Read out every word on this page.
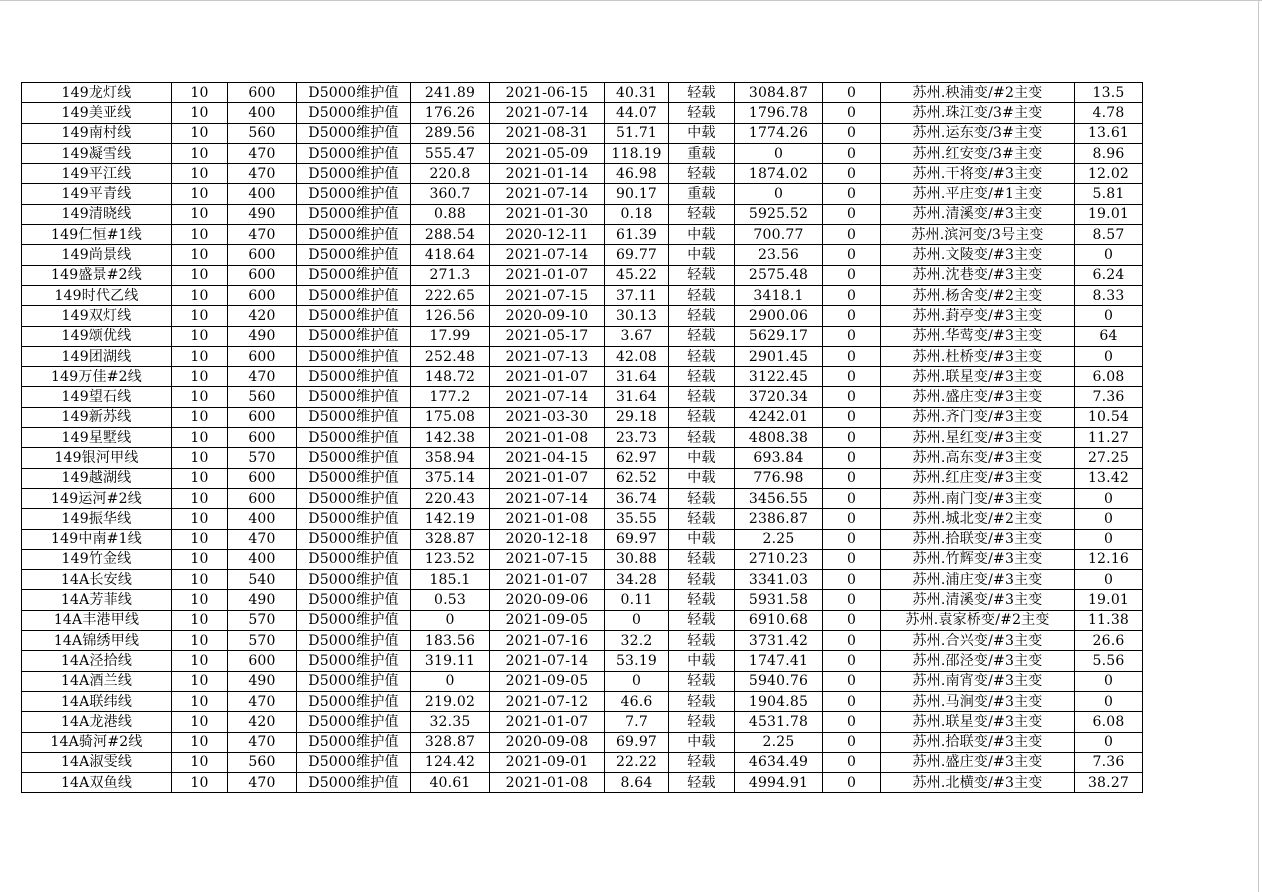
149龙灯线	10	600	D5000维护值	241.89	2021-06-15	40.31	轻载	3084.87	0	苏州.秧浦变/#2主变	13.5
149美亚线	10	400	D5000维护值	176.26	2021-07-14	44.07	轻载	1796.78	0	苏州.珠江变/3#主变	4.78
149南村线	10	560	D5000维护值	289.56	2021-08-31	51.71	中载	1774.26	0	苏州.运东变/3#主变	13.61
149凝雪线	10	470	D5000维护值	555.47	2021-05-09	118.19	重载	0	0	苏州.红安变/3#主变	8.96
149平江线	10	470	D5000维护值	220.8	2021-01-14	46.98	轻载	1874.02	0	苏州.干将变/#3主变	12.02
149平青线	10	400	D5000维护值	360.7	2021-07-14	90.17	重载	0	0	苏州.平庄变/#1主变	5.81
149清晓线	10	490	D5000维护值	0.88	2021-01-30	0.18	轻载	5925.52	0	苏州.清溪变/#3主变	19.01
149仁恒#1线	10	470	D5000维护值	288.54	2020-12-11	61.39	中载	700.77	0	苏州.滨河变/3号主变	8.57
149尚景线	10	600	D5000维护值	418.64	2021-07-14	69.77	中载	23.56	0	苏州.文陵变/#3主变	0
149盛景#2线	10	600	D5000维护值	271.3	2021-01-07	45.22	轻载	2575.48	0	苏州.沈巷变/#3主变	6.24
149时代乙线	10	600	D5000维护值	222.65	2021-07-15	37.11	轻载	3418.1	0	苏州.杨舍变/#2主变	8.33
149双灯线	10	420	D5000维护值	126.56	2020-09-10	30.13	轻载	2900.06	0	苏州.葑亭变/#3主变	0
149颂优线	10	490	D5000维护值	17.99	2021-05-17	3.67	轻载	5629.17	0	苏州.华莺变/#3主变	64
149团湖线	10	600	D5000维护值	252.48	2021-07-13	42.08	轻载	2901.45	0	苏州.杜桥变/#3主变	0
149万佳#2线	10	470	D5000维护值	148.72	2021-01-07	31.64	轻载	3122.45	0	苏州.联星变/#3主变	6.08
149望石线	10	560	D5000维护值	177.2	2021-07-14	31.64	轻载	3720.34	0	苏州.盛庄变/#3主变	7.36
149新苏线	10	600	D5000维护值	175.08	2021-03-30	29.18	轻载	4242.01	0	苏州.齐门变/#3主变	10.54
149星墅线	10	600	D5000维护值	142.38	2021-01-08	23.73	轻载	4808.38	0	苏州.星红变/#3主变	11.27
149银河甲线	10	570	D5000维护值	358.94	2021-04-15	62.97	中载	693.84	0	苏州.高东变/#3主变	27.25
149越湖线	10	600	D5000维护值	375.14	2021-01-07	62.52	中载	776.98	0	苏州.红庄变/#3主变	13.42
149运河#2线	10	600	D5000维护值	220.43	2021-07-14	36.74	轻载	3456.55	0	苏州.南门变/#3主变	0
149振华线	10	400	D5000维护值	142.19	2021-01-08	35.55	轻载	2386.87	0	苏州.城北变/#2主变	0
149中南#1线	10	470	D5000维护值	328.87	2020-12-18	69.97	中载	2.25	0	苏州.拾联变/#3主变	0
149竹金线	10	400	D5000维护值	123.52	2021-07-15	30.88	轻载	2710.23	0	苏州.竹辉变/#3主变	12.16
14A长安线	10	540	D5000维护值	185.1	2021-01-07	34.28	轻载	3341.03	0	苏州.浦庄变/#3主变	0
14A芳菲线	10	490	D5000维护值	0.53	2020-09-06	0.11	轻载	5931.58	0	苏州.清溪变/#3主变	19.01
14A丰港甲线	10	570	D5000维护值	0	2021-09-05	0	轻载	6910.68	0	苏州.袁家桥变/#2主变	11.38
14A锦绣甲线	10	570	D5000维护值	183.56	2021-07-16	32.2	轻载	3731.42	0	苏州.合兴变/#3主变	26.6
14A泾拾线	10	600	D5000维护值	319.11	2021-07-14	53.19	中载	1747.41	0	苏州.邵泾变/#3主变	5.56
14A酒兰线	10	490	D5000维护值	0	2021-09-05	0	轻载	5940.76	0	苏州.南宵变/#3主变	0
14A联纬线	10	470	D5000维护值	219.02	2021-07-12	46.6	轻载	1904.85	0	苏州.马涧变/#3主变	0
14A龙港线	10	420	D5000维护值	32.35	2021-01-07	7.7	轻载	4531.78	0	苏州.联星变/#3主变	6.08
14A骑河#2线	10	470	D5000维护值	328.87	2020-09-08	69.97	中载	2.25	0	苏州.拾联变/#3主变	0
14A淑雯线	10	560	D5000维护值	124.42	2021-09-01	22.22	轻载	4634.49	0	苏州.盛庄变/#3主变	7.36
14A双鱼线	10	470	D5000维护值	40.61	2021-01-08	8.64	轻载	4994.91	0	苏州.北横变/#3主变	38.27
